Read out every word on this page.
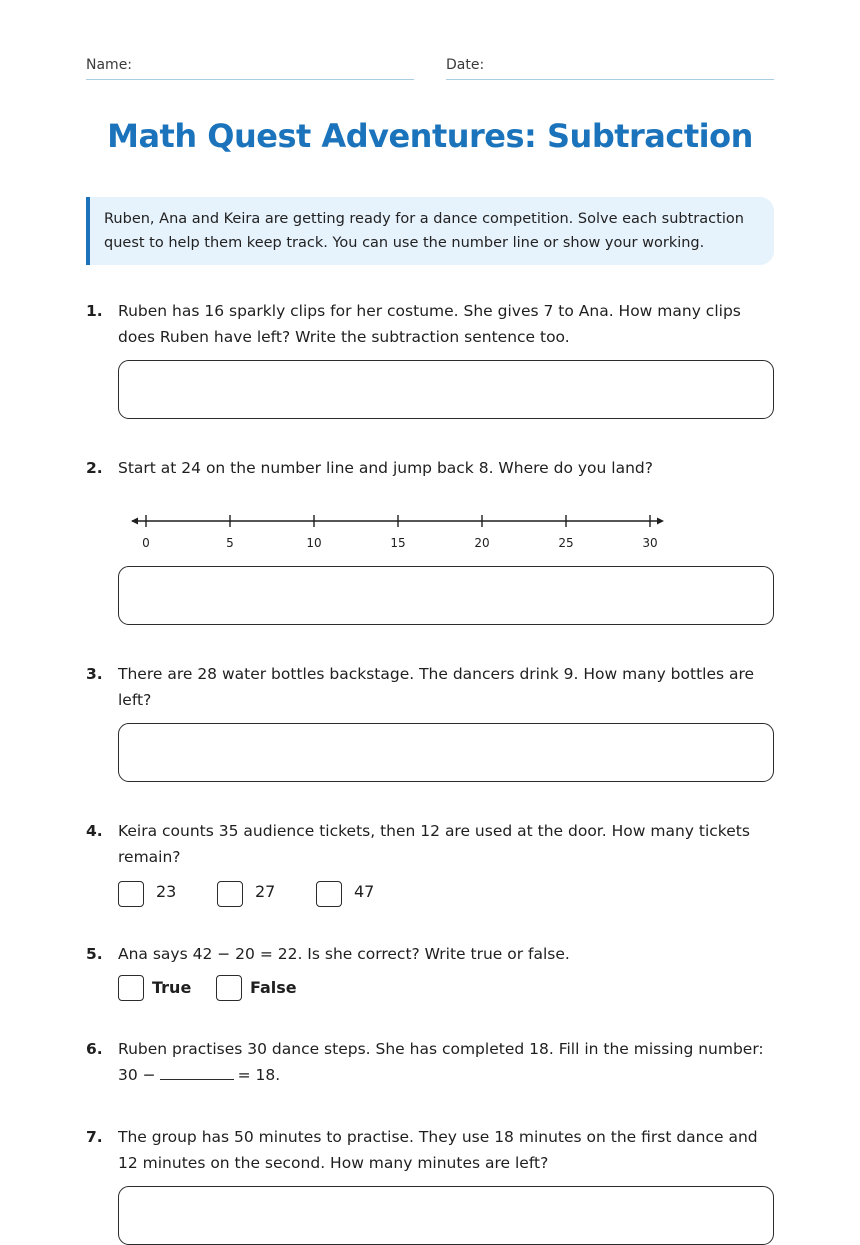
Name:	Date:
Math Quest Adventures: Subtraction
Ruben, Ana and Keira are getting ready for a dance competition. Solve each subtraction quest to help them keep track. You can use the number line or show your working.
1. Ruben has 16 sparkly clips for her costume. She gives 7 to Ana. How many clips does Ruben have left? Write the subtraction sentence too.
2. Start at 24 on the number line and jump back 8. Where do you land?
0	5	10	15	20	25	30
3. There are 28 water bottles backstage. The dancers drink 9. How many bottles are left?
4. Keira counts 35 audience tickets, then 12 are used at the door. How many tickets remain?
23	27	47
5. Ana says 42 − 20 = 22. Is she correct? Write true or false.
True	False
6. Ruben practises 30 dance steps. She has completed 18. Fill in the missing number: 30 −	= 18.
7. The group has 50 minutes to practise. They use 18 minutes on the first dance and 12 minutes on the second. How many minutes are left?
